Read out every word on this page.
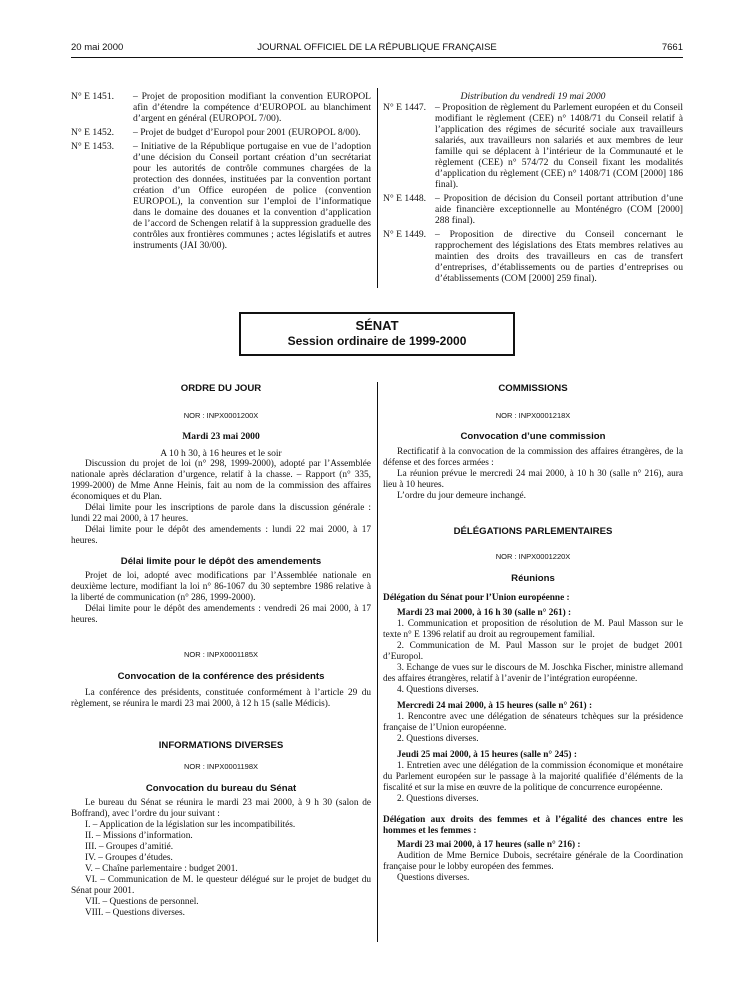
20 mai 2000	JOURNAL OFFICIEL DE LA RÉPUBLIQUE FRANÇAISE	7661
N° E 1451.	– Projet de proposition modifiant la convention EUROPOL afin d’étendre la compétence d’EUROPOL au blanchiment d’argent en général (EUROPOL 7/00).
N° E 1452.	– Projet de budget d’Europol pour 2001 (EUROPOL 8/00).
N° E 1453.	– Initiative de la République portugaise en vue de l’adoption d’une décision du Conseil portant création d’un secrétariat pour les autorités de contrôle communes chargées de la protection des données, instituées par la convention portant création d’un Office européen de police (convention EUROPOL), la convention sur l’emploi de l’informatique dans le domaine des douanes et la convention d’application de l’accord de Schengen relatif à la suppression graduelle des contrôles aux frontières communes ; actes législatifs et autres instruments (JAI 30/00).

Distribution du vendredi 19 mai 2000

N° E 1447. – Proposition de règlement du Parlement européen et du Conseil modifiant le règlement (CEE) n° 1408/71 du Conseil relatif à l’application des régimes de sécurité sociale aux travailleurs salariés, aux travailleurs non salariés et aux membres de leur famille qui se déplacent à l’intérieur de la Communauté et le règlement (CEE) n° 574/72 du Conseil fixant les modalités d’application du règlement (CEE) n° 1408/71 (COM [2000] 186 final).
N° E 1448. – Proposition de décision du Conseil portant attribution d’une aide financière exceptionnelle au Monténégro (COM [2000] 288 final).
N° E 1449. – Proposition de directive du Conseil concernant le rapprochement des législations des Etats membres relatives au maintien des droits des travailleurs en cas de transfert d’entreprises, d’établissements ou de parties d’entreprises ou d’établissements (COM [2000] 259 final).
SÉNAT
Session ordinaire de 1999-2000

ORDRE DU JOUR

NOR : INPX0001200X

Mardi 23 mai 2000

A 10 h 30, à 16 heures et le soir

Discussion du projet de loi (n° 298, 1999-2000), adopté par l’Assemblée nationale après déclaration d’urgence, relatif à la chasse. – Rapport (n° 335, 1999-2000) de Mme Anne Heinis, fait au nom de la commission des affaires économiques et du Plan.

Délai limite pour les inscriptions de parole dans la discussion générale : lundi 22 mai 2000, à 17 heures.

Délai limite pour le dépôt des amendements : lundi 22 mai 2000, à 17 heures.

Délai limite pour le dépôt des amendements

Projet de loi, adopté avec modifications par l’Assemblée nationale en deuxième lecture, modifiant la loi n° 86-1067 du 30 septembre 1986 relative à la liberté de communication (n° 286, 1999-2000).

Délai limite pour le dépôt des amendements : vendredi 26 mai 2000, à 17 heures.

NOR : INPX0001185X

Convocation de la conférence des présidents

La conférence des présidents, constituée conformément à l’article 29 du règlement, se réunira le mardi 23 mai 2000, à 12 h 15 (salle Médicis).

INFORMATIONS DIVERSES

NOR : INPX0001198X

Convocation du bureau du Sénat

Le bureau du Sénat se réunira le mardi 23 mai 2000, à 9 h 30 (salon de Boffrand), avec l’ordre du jour suivant :

I. – Application de la législation sur les incompatibilités.

II. – Missions d’information.

III. – Groupes d’amitié.

IV. – Groupes d’études.

V. – Chaîne parlementaire : budget 2001.

VI. – Communication de M. le questeur délégué sur le projet de budget du Sénat pour 2001.

VII. – Questions de personnel.

VIII. – Questions diverses.

COMMISSIONS

NOR : INPX0001218X

Convocation d’une commission

Rectificatif à la convocation de la commission des affaires étrangères, de la défense et des forces armées :

La réunion prévue le mercredi 24 mai 2000, à 10 h 30 (salle n° 216), aura lieu à 10 heures.

L’ordre du jour demeure inchangé.

DÉLÉGATIONS PARLEMENTAIRES

NOR : INPX0001220X

Réunions

Délégation du Sénat pour l’Union européenne :

Mardi 23 mai 2000, à 16 h 30 (salle n° 261) :

1. Communication et proposition de résolution de M. Paul Masson sur le texte n° E 1396 relatif au droit au regroupement familial.

2. Communication de M. Paul Masson sur le projet de budget 2001 d’Europol.

3. Echange de vues sur le discours de M. Joschka Fischer, ministre allemand des affaires étrangères, relatif à l’avenir de l’intégration européenne.

4. Questions diverses.

Mercredi 24 mai 2000, à 15 heures (salle n° 261) :

1. Rencontre avec une délégation de sénateurs tchèques sur la présidence française de l’Union européenne.

2. Questions diverses.

Jeudi 25 mai 2000, à 15 heures (salle n° 245) :

1. Entretien avec une délégation de la commission économique et monétaire du Parlement européen sur le passage à la majorité qualifiée d’éléments de la fiscalité et sur la mise en œuvre de la politique de concurrence européenne.

2. Questions diverses.

Délégation aux droits des femmes et à l’égalité des chances entre les hommes et les femmes :

Mardi 23 mai 2000, à 17 heures (salle n° 216) :

Audition de Mme Bernice Dubois, secrétaire générale de la Coordination française pour le lobby européen des femmes.

Questions diverses.
